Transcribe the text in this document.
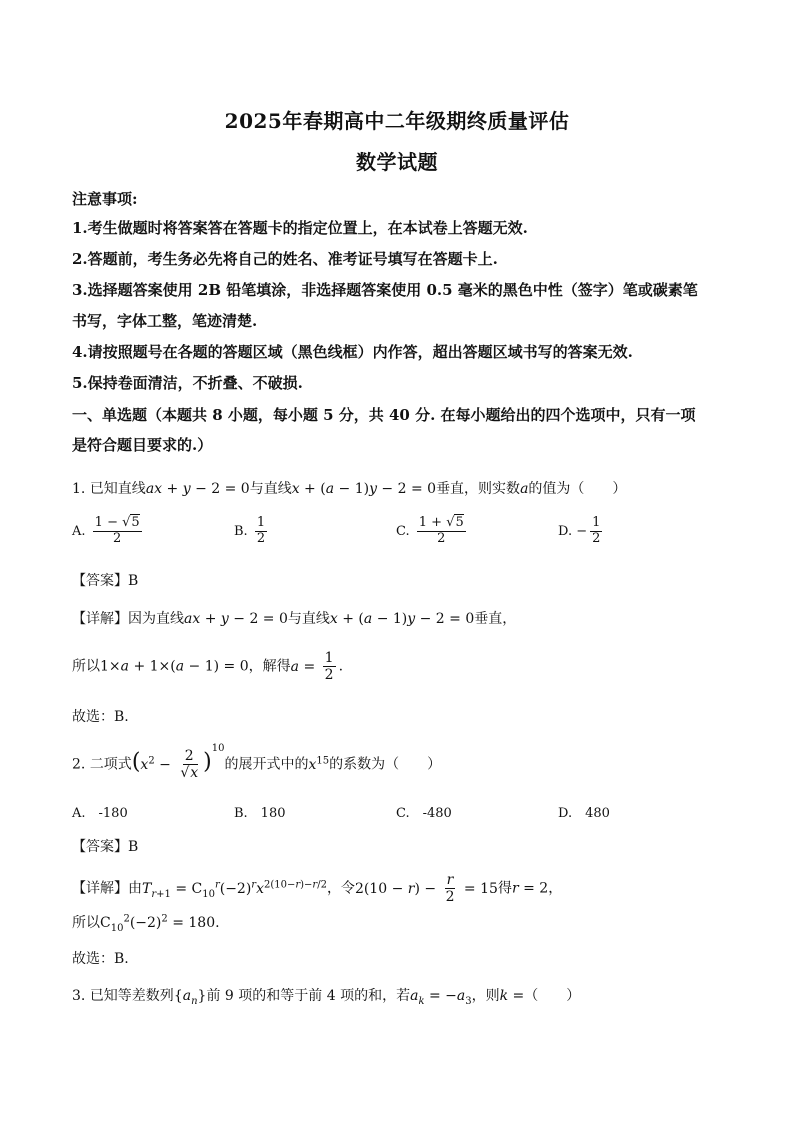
2025年春期高中二年级期终质量评估
数学试题
注意事项:
1.考生做题时将答案答在答题卡的指定位置上，在本试卷上答题无效.
2.答题前，考生务必先将自己的姓名、准考证号填写在答题卡上.
3.选择题答案使用 2B 铅笔填涂，非选择题答案使用 0.5 毫米的黑色中性（签字）笔或碳素笔
书写，字体工整，笔迹清楚.
4.请按照题号在各题的答题区域（黑色线框）内作答，超出答题区域书写的答案无效.
5.保持卷面清洁，不折叠、不破损.
一、单选题（本题共 8 小题，每小题 5 分，共 40 分. 在每小题给出的四个选项中，只有一项
是符合题目要求的.）
1. 已知直线ax + y − 2 = 0与直线x + (a − 1)y − 2 = 0垂直，则实数a的值为（　　）
A. $\frac{1 - √5}{2}$	B. $\frac{1}{2}$	C. $\frac{1 + √5}{2}$	D. − $\frac{1}{2}$
【答案】B
【详解】因为直线ax + y − 2 = 0与直线x + (a − 1)y − 2 = 0垂直，
所以1×a + 1×(a − 1) = 0，解得$a = \frac{1}{2}$ .
故选：B.
2. 二项式$(x^2 - \frac{2}{√x} )^{10}$的展开式中的$x^{15}$的系数为（　　）
A.　-180	B.　180	C.　-480	D.　480
【答案】B
【详解】由$T_{r+1} = C_{10}^r(-2)^rx^{2(10-r)-r/2}$，令$2(10 - r) - \frac{r}{2} = 15$得r = 2，
所以$C_{10}^2(-2)^2 = 180$.
故选：B.
3. 已知等差数列$\{a_n\}$前 9 项的和等于前 4 项的和，若$a_k = -a_3$，则k =（　　）
